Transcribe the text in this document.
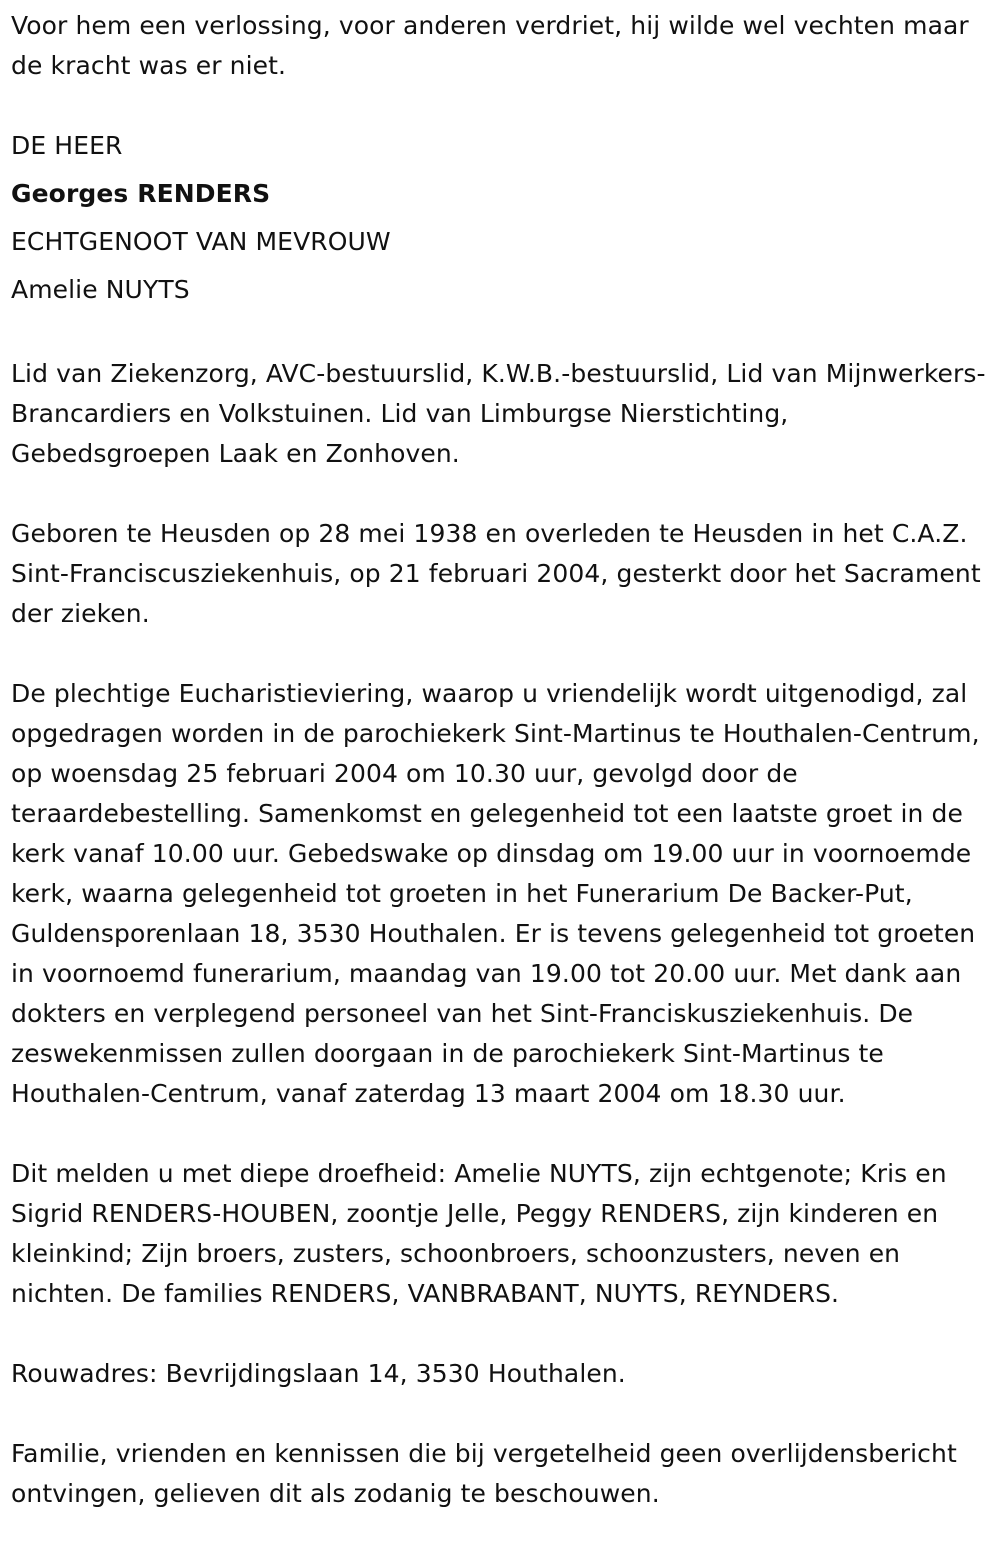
Voor hem een verlossing, voor anderen verdriet, hij wilde wel vechten maar de kracht was er niet.

DE HEER
Georges RENDERS
ECHTGENOOT VAN MEVROUW
Amelie NUYTS

Lid van Ziekenzorg, AVC-bestuurslid, K.W.B.-bestuurslid, Lid van Mijnwerkers-Brancardiers en Volkstuinen. Lid van Limburgse Nierstichting, Gebedsgroepen Laak en Zonhoven.

Geboren te Heusden op 28 mei 1938 en overleden te Heusden in het C.A.Z. Sint-Franciscusziekenhuis, op 21 februari 2004, gesterkt door het Sacrament der zieken.

De plechtige Eucharistieviering, waarop u vriendelijk wordt uitgenodigd, zal opgedragen worden in de parochiekerk Sint-Martinus te Houthalen-Centrum, op woensdag 25 februari 2004 om 10.30 uur, gevolgd door de teraardebestelling. Samenkomst en gelegenheid tot een laatste groet in de kerk vanaf 10.00 uur. Gebedswake op dinsdag om 19.00 uur in voornoemde kerk, waarna gelegenheid tot groeten in het Funerarium De Backer-Put, Guldensporenlaan 18, 3530 Houthalen. Er is tevens gelegenheid tot groeten in voornoemd funerarium, maandag van 19.00 tot 20.00 uur. Met dank aan dokters en verplegend personeel van het Sint-Franciskusziekenhuis. De zeswekenmissen zullen doorgaan in de parochiekerk Sint-Martinus te Houthalen-Centrum, vanaf zaterdag 13 maart 2004 om 18.30 uur.

Dit melden u met diepe droefheid: Amelie NUYTS, zijn echtgenote; Kris en Sigrid RENDERS-HOUBEN, zoontje Jelle, Peggy RENDERS, zijn kinderen en kleinkind; Zijn broers, zusters, schoonbroers, schoonzusters, neven en nichten. De families RENDERS, VANBRABANT, NUYTS, REYNDERS.

Rouwadres: Bevrijdingslaan 14, 3530 Houthalen.

Familie, vrienden en kennissen die bij vergetelheid geen overlijdensbericht ontvingen, gelieven dit als zodanig te beschouwen.
